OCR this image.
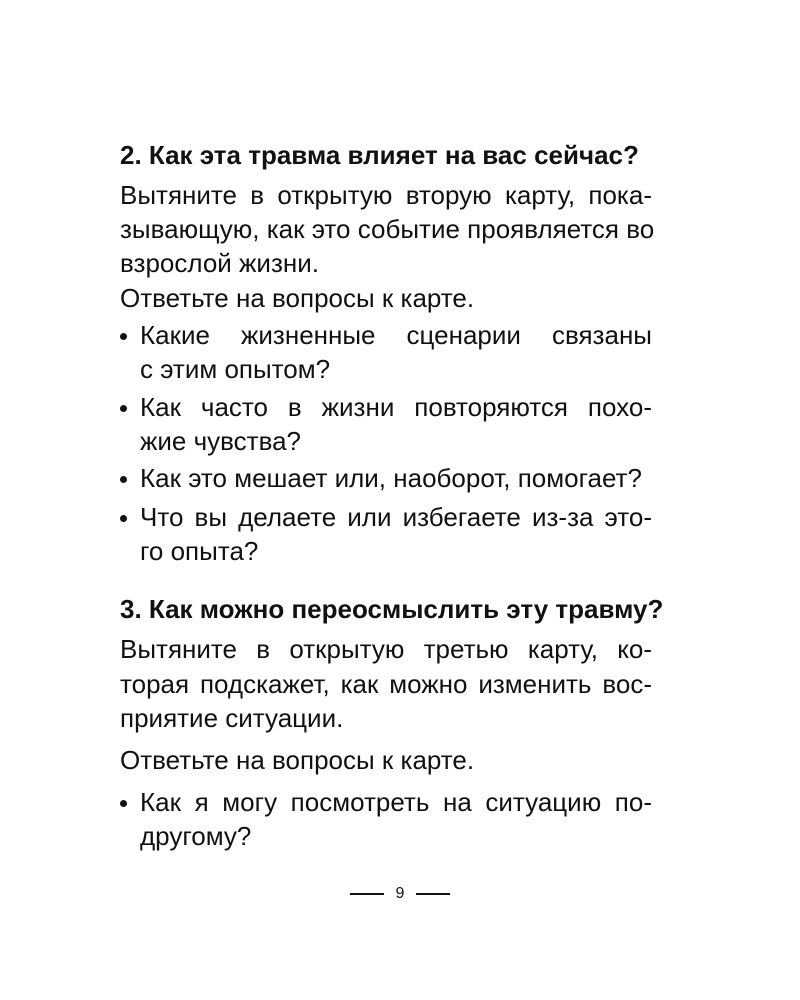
2. Как эта травма влияет на вас сейчас?
Вытяните в открытую вторую карту, пока-
зывающую, как это событие проявляется во
взрослой жизни.
Ответьте на вопросы к карте.
Какие жизненные сценарии связаны
с этим опытом?
Как часто в жизни повторяются похо-
жие чувства?
Как это мешает или, наоборот, помогает?
Что вы делаете или избегаете из-за это-
го опыта?
3. Как можно переосмыслить эту травму?
Вытяните в открытую третью карту, ко-
торая подскажет, как можно изменить вос-
приятие ситуации.
Ответьте на вопросы к карте.
Как я могу посмотреть на ситуацию по-
другому?
9
